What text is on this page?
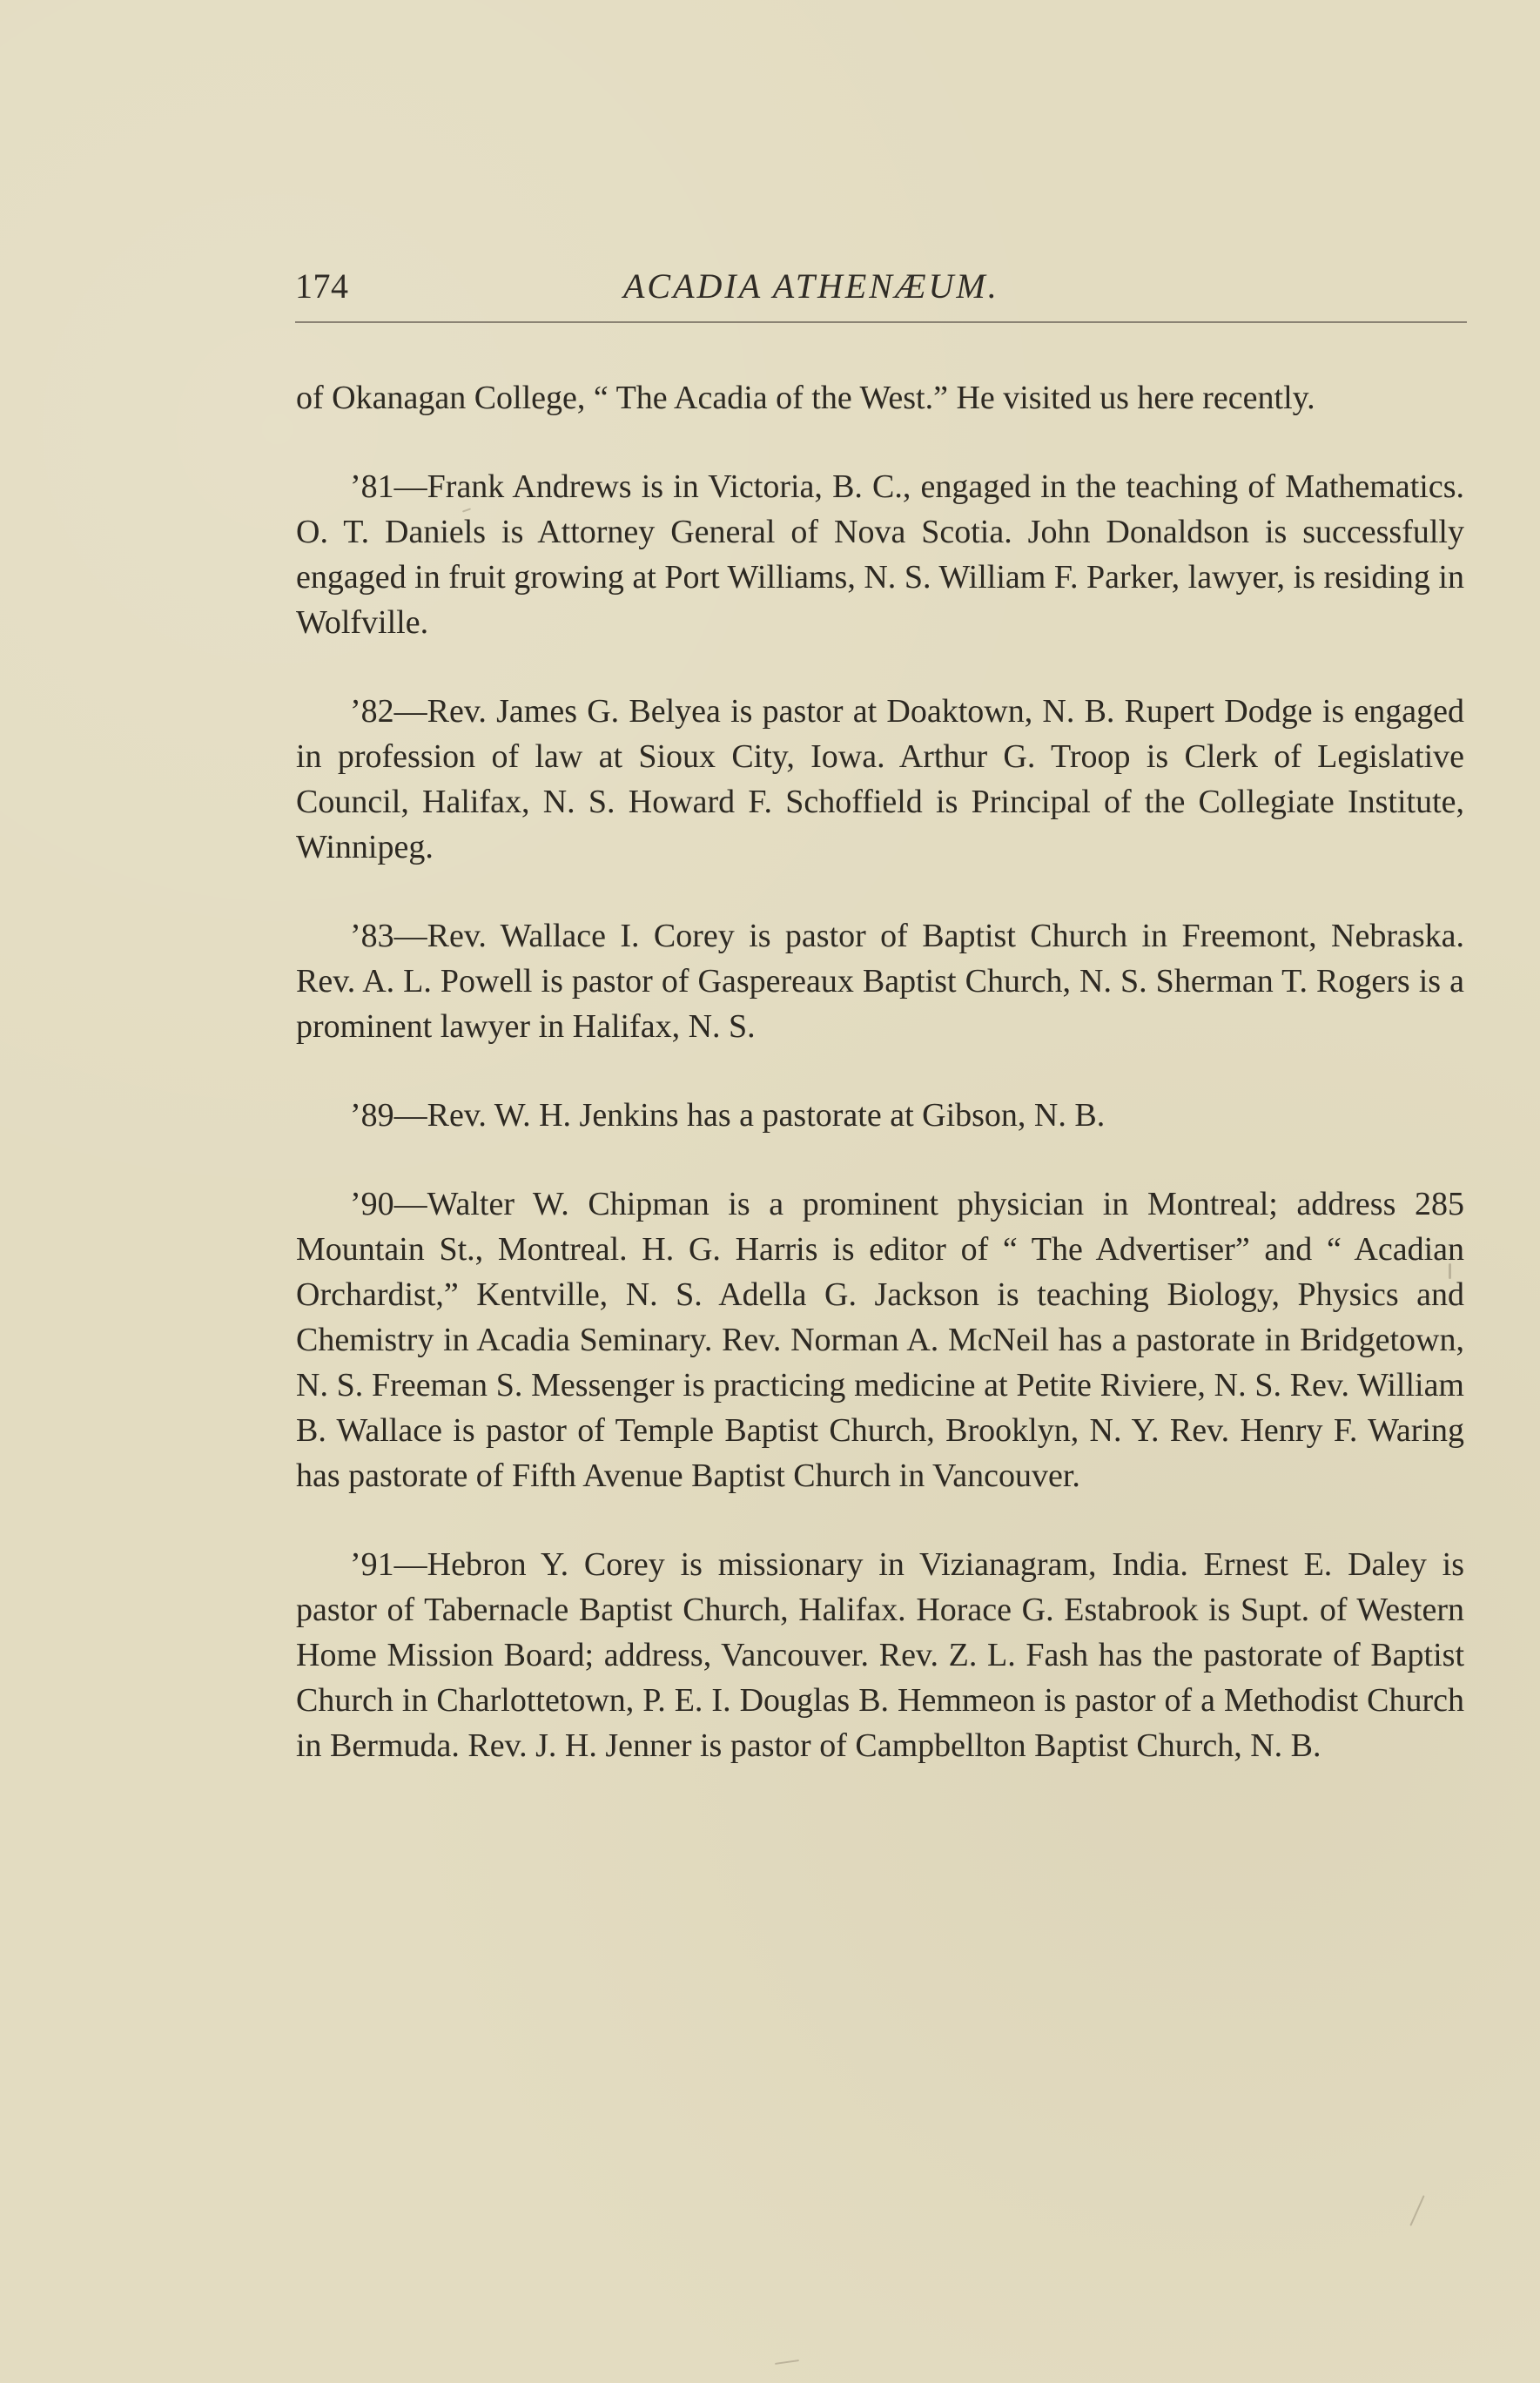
174	ACADIA ATHENÆUM.

of Okanagan College, “ The Acadia of the West.” He visited us here recently.

’81—Frank Andrews is in Victoria, B. C., engaged in the teaching of Mathematics. O. T. Daniels is Attorney General of Nova Scotia. John Donaldson is successfully engaged in fruit growing at Port Williams, N. S. William F. Parker, lawyer, is residing in Wolfville.

’82—Rev. James G. Belyea is pastor at Doaktown, N. B. Rupert Dodge is engaged in profession of law at Sioux City, Iowa. Arthur G. Troop is Clerk of Legislative Council, Halifax, N. S. Howard F. Schoffield is Principal of the Collegiate Institute, Winnipeg.

’83—Rev. Wallace I. Corey is pastor of Baptist Church in Freemont, Nebraska. Rev. A. L. Powell is pastor of Gaspereaux Baptist Church, N. S. Sherman T. Rogers is a prominent lawyer in Halifax, N. S.

’89—Rev. W. H. Jenkins has a pastorate at Gibson, N. B.

’90—Walter W. Chipman is a prominent physician in Montreal; address 285 Mountain St., Montreal. H. G. Harris is editor of “ The Advertiser” and “ Acadian Orchardist,” Kentville, N. S. Adella G. Jackson is teaching Biology, Physics and Chemistry in Acadia Seminary. Rev. Norman A. McNeil has a pastorate in Bridgetown, N. S. Freeman S. Messenger is practicing medicine at Petite Riviere, N. S. Rev. William B. Wallace is pastor of Temple Baptist Church, Brooklyn, N. Y. Rev. Henry F. Waring has pastorate of Fifth Avenue Baptist Church in Vancouver.

’91—Hebron Y. Corey is missionary in Vizianagram, India. Ernest E. Daley is pastor of Tabernacle Baptist Church, Halifax. Horace G. Estabrook is Supt. of Western Home Mission Board; address, Vancouver. Rev. Z. L. Fash has the pastorate of Baptist Church in Charlottetown, P. E. I. Douglas B. Hemmeon is pastor of a Methodist Church in Bermuda. Rev. J. H. Jenner is pastor of Campbellton Baptist Church, N. B.
